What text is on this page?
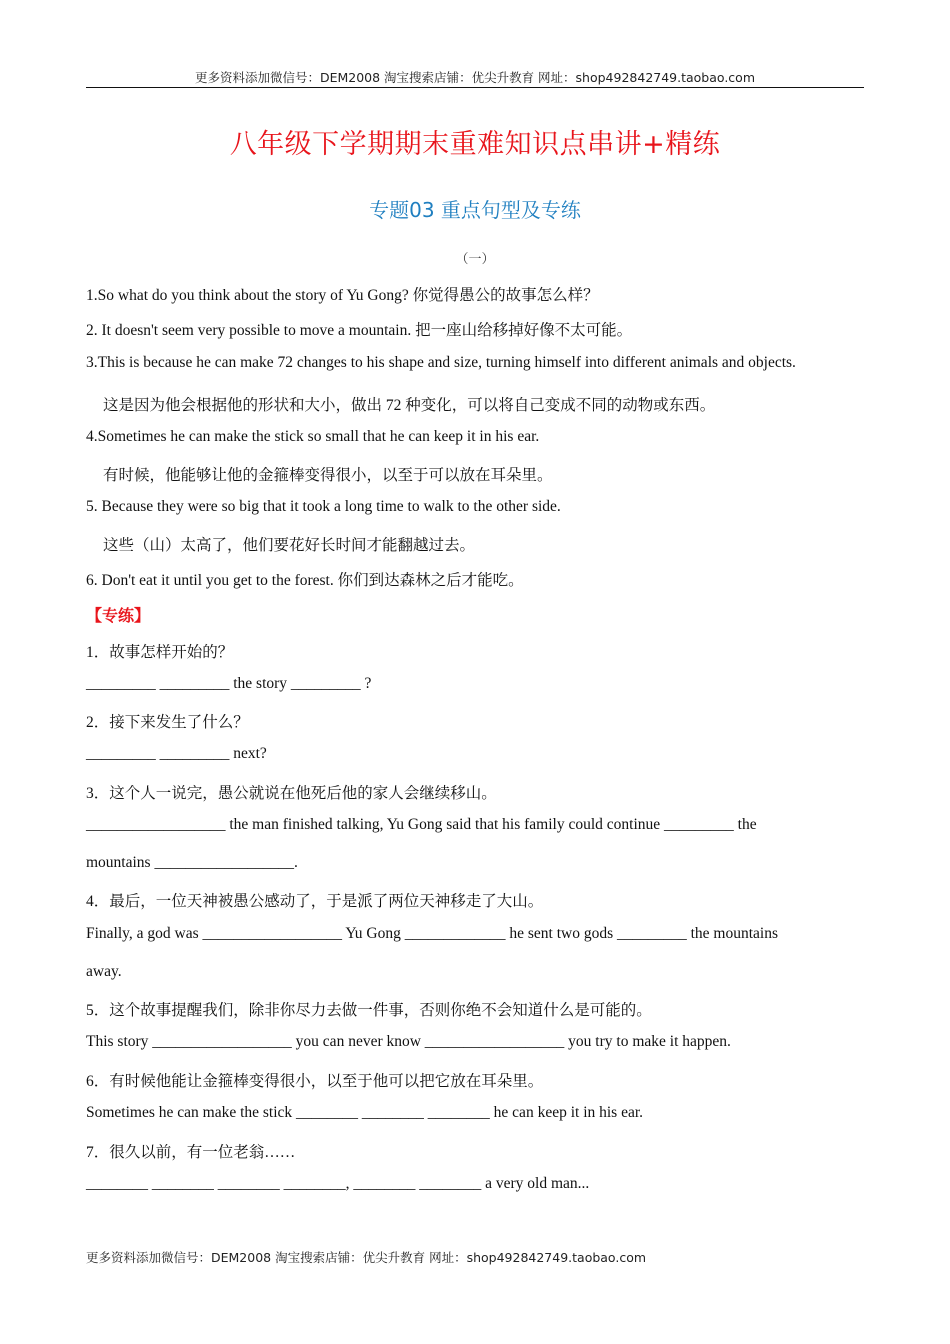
更多资料添加微信号：DEM2008 淘宝搜索店铺：优尖升教育 网址：shop492842749.taobao.com
八年级下学期期末重难知识点串讲+精练
专题03 重点句型及专练
（一）
1.So what do you think about the story of Yu Gong? 你觉得愚公的故事怎么样？
2. It doesn't seem very possible to move a mountain. 把一座山给移掉好像不太可能。
3.This is because he can make 72 changes to his shape and size, turning himself into different animals and objects.
这是因为他会根据他的形状和大小，做出 72 种变化，可以将自己变成不同的动物或东西。
4.Sometimes he can make the stick so small that he can keep it in his ear.
有时候，他能够让他的金箍棒变得很小，以至于可以放在耳朵里。
5. Because they were so big that it took a long time to walk to the other side.
这些（山）太高了，他们要花好长时间才能翻越过去。
6. Don't eat it until you get to the forest. 你们到达森林之后才能吃。
【专练】
1．故事怎样开始的？
_________ _________ the story _________ ?
2．接下来发生了什么？
_________ _________ next?
3．这个人一说完，愚公就说在他死后他的家人会继续移山。
__________________ the man finished talking, Yu Gong said that his family could continue _________ the
mountains __________________.
4．最后，一位天神被愚公感动了，于是派了两位天神移走了大山。
Finally, a god was __________________ Yu Gong _____________ he sent two gods _________ the mountains
away.
5．这个故事提醒我们，除非你尽力去做一件事，否则你绝不会知道什么是可能的。
This story __________________ you can never know __________________ you try to make it happen.
6．有时候他能让金箍棒变得很小，以至于他可以把它放在耳朵里。
Sometimes he can make the stick ________ ________ ________ he can keep it in his ear.
7．很久以前，有一位老翁……
________ ________ ________ ________, ________ ________ a very old man...
更多资料添加微信号：DEM2008 淘宝搜索店铺：优尖升教育 网址：shop492842749.taobao.com
